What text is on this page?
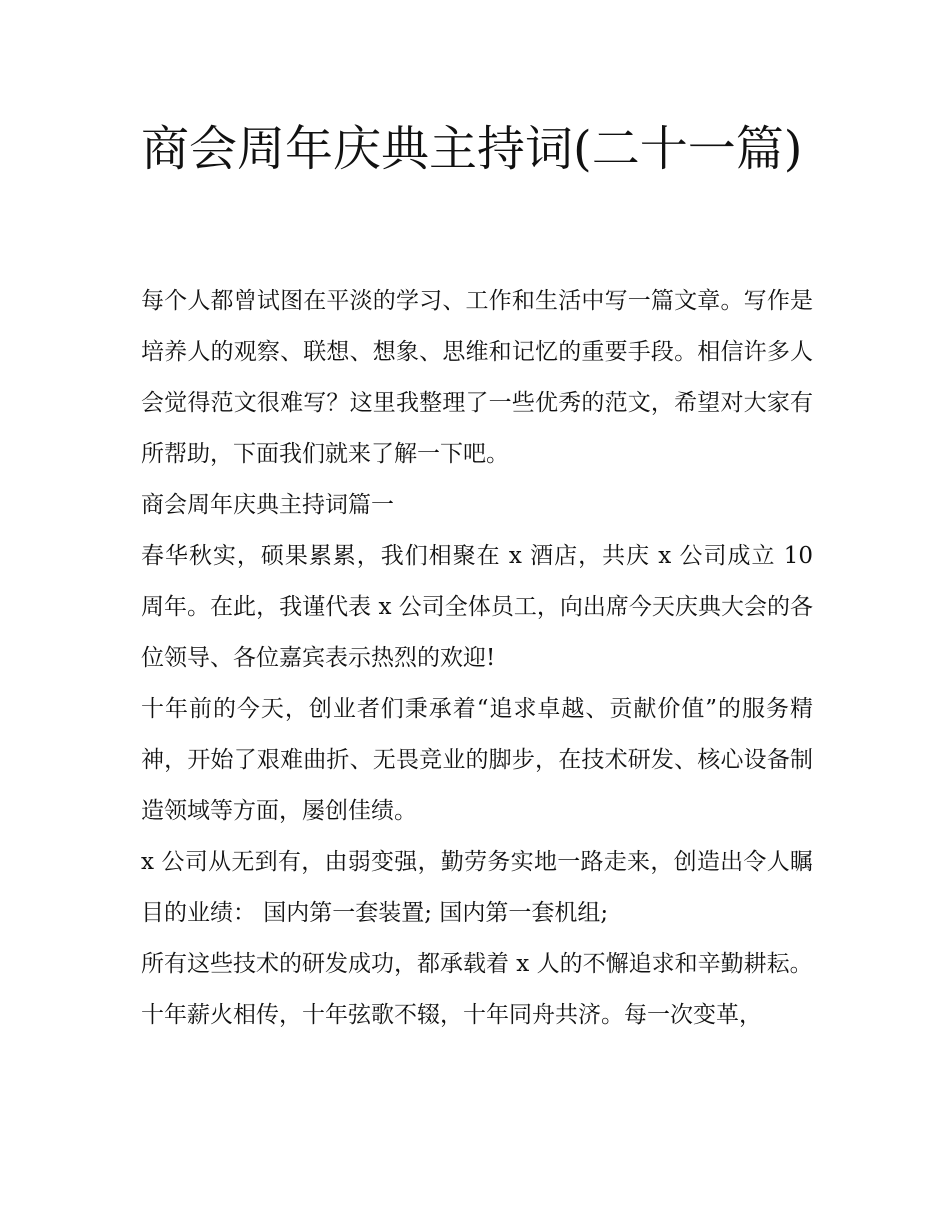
商会周年庆典主持词(二十一篇)

每个人都曾试图在平淡的学习、工作和生活中写一篇文章。写作是培养人的观察、联想、想象、思维和记忆的重要手段。相信许多人会觉得范文很难写？这里我整理了一些优秀的范文，希望对大家有所帮助，下面我们就来了解一下吧。

商会周年庆典主持词篇一

春华秋实，硕果累累，我们相聚在 x 酒店，共庆 x 公司成立 10 周年。在此，我谨代表 x 公司全体员工，向出席今天庆典大会的各位领导、各位嘉宾表示热烈的欢迎!

十年前的今天，创业者们秉承着“追求卓越、贡献价值”的服务精神，开始了艰难曲折、无畏竞业的脚步，在技术研发、核心设备制造领域等方面，屡创佳绩。

x 公司从无到有，由弱变强，勤劳务实地一路走来，创造出令人瞩目的业绩： 国内第一套装置; 国内第一套机组;

所有这些技术的研发成功，都承载着 x 人的不懈追求和辛勤耕耘。

十年薪火相传，十年弦歌不辍，十年同舟共济。每一次变革，
